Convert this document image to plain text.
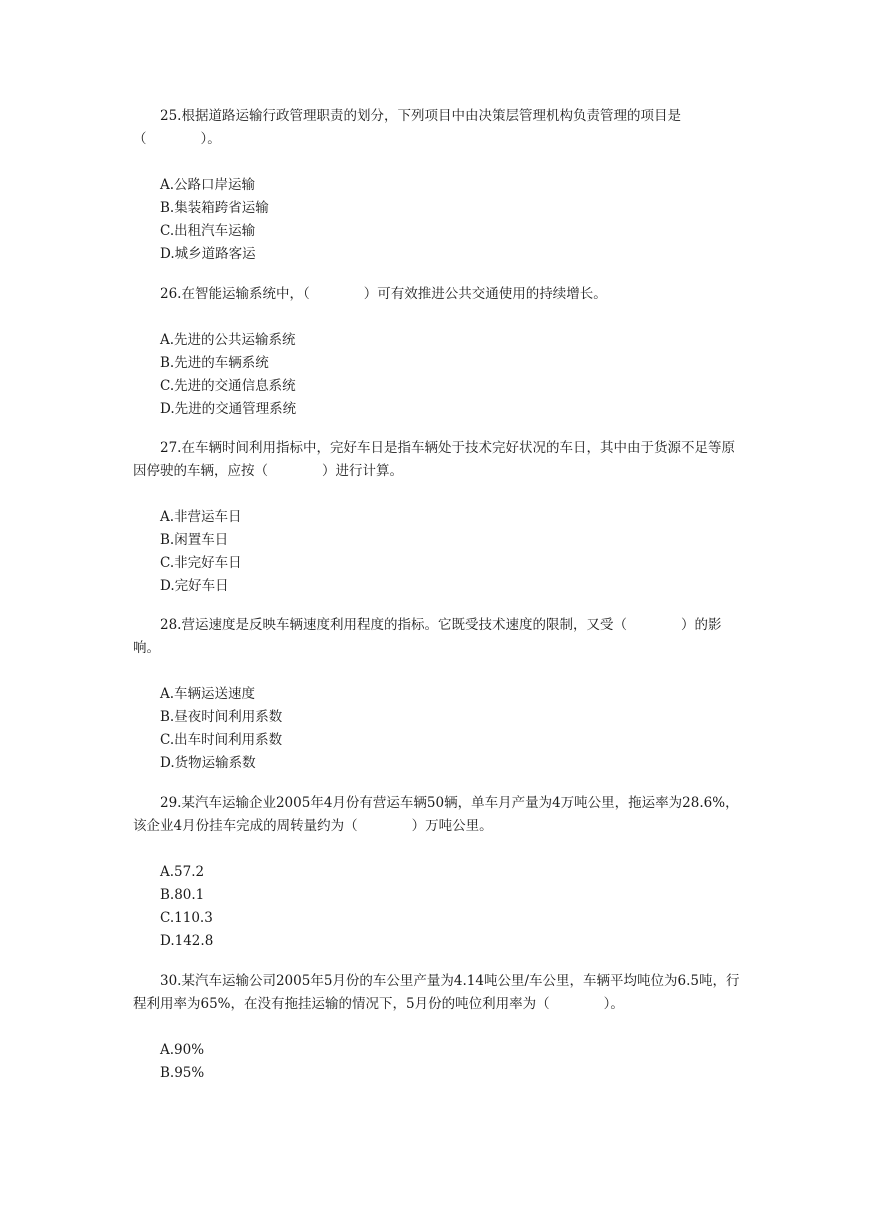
25.根据道路运输行政管理职责的划分，下列项目中由决策层管理机构负责管理的项目是（　　　　）。

A.公路口岸运输
B.集装箱跨省运输
C.出租汽车运输
D.城乡道路客运

26.在智能运输系统中，（　　　　）可有效推进公共交通使用的持续增长。

A.先进的公共运输系统
B.先进的车辆系统
C.先进的交通信息系统
D.先进的交通管理系统

27.在车辆时间利用指标中，完好车日是指车辆处于技术完好状况的车日，其中由于货源不足等原因停驶的车辆，应按（　　　　）进行计算。

A.非营运车日
B.闲置车日
C.非完好车日
D.完好车日

28.营运速度是反映车辆速度利用程度的指标。它既受技术速度的限制，又受（　　　　）的影响。

A.车辆运送速度
B.昼夜时间利用系数
C.出车时间利用系数
D.货物运输系数

29.某汽车运输企业2005年4月份有营运车辆50辆，单车月产量为4万吨公里，拖运率为28.6%，该企业4月份挂车完成的周转量约为（　　　　）万吨公里。

A.57.2
B.80.1
C.110.3
D.142.8

30.某汽车运输公司2005年5月份的车公里产量为4.14吨公里/车公里，车辆平均吨位为6.5吨，行程利用率为65%，在没有拖挂运输的情况下，5月份的吨位利用率为（　　　　）。

A.90%
B.95%
